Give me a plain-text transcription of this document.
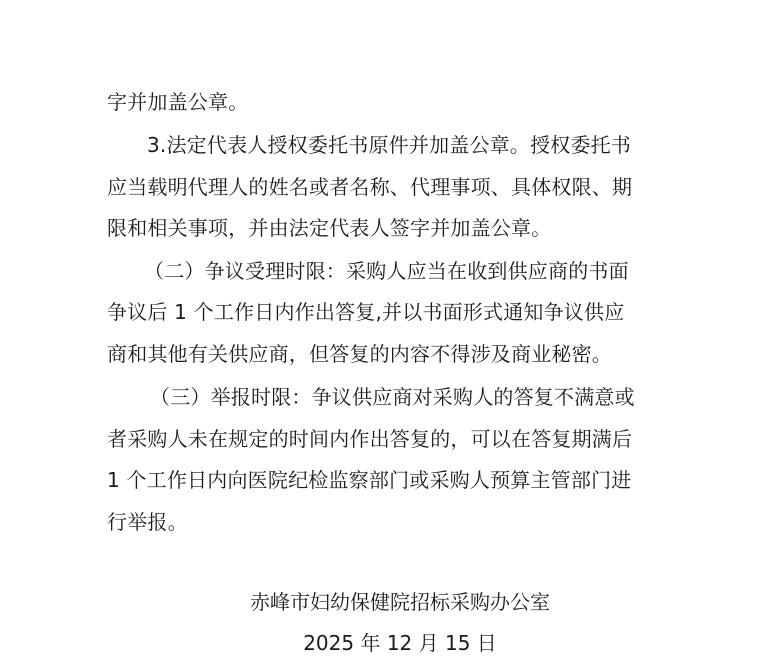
字并加盖公章。
3.法定代表人授权委托书原件并加盖公章。授权委托书
应当载明代理人的姓名或者名称、代理事项、具体权限、期
限和相关事项，并由法定代表人签字并加盖公章。
（二）争议受理时限：采购人应当在收到供应商的书面
争议后 1 个工作日内作出答复,并以书面形式通知争议供应
商和其他有关供应商，但答复的内容不得涉及商业秘密。
（三）举报时限：争议供应商对采购人的答复不满意或
者采购人未在规定的时间内作出答复的，可以在答复期满后
1 个工作日内向医院纪检监察部门或采购人预算主管部门进
行举报。
赤峰市妇幼保健院招标采购办公室
2025 年 12 月 15 日
